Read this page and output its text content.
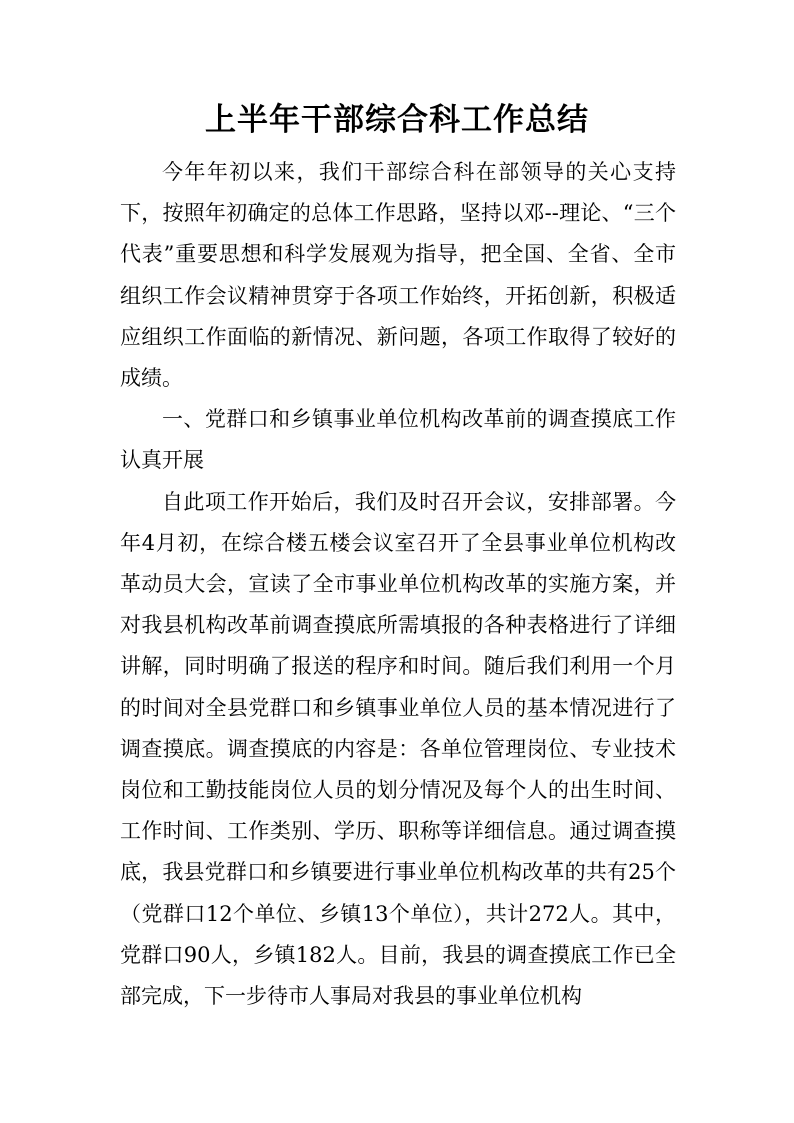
上半年干部综合科工作总结

今年年初以来，我们干部综合科在部领导的关心支持下，按照年初确定的总体工作思路，坚持以邓--理论、“三个代表”重要思想和科学发展观为指导，把全国、全省、全市组织工作会议精神贯穿于各项工作始终，开拓创新，积极适应组织工作面临的新情况、新问题，各项工作取得了较好的成绩。

一、党群口和乡镇事业单位机构改革前的调查摸底工作认真开展

自此项工作开始后，我们及时召开会议，安排部署。今年4月初，在综合楼五楼会议室召开了全县事业单位机构改革动员大会，宣读了全市事业单位机构改革的实施方案，并对我县机构改革前调查摸底所需填报的各种表格进行了详细讲解，同时明确了报送的程序和时间。随后我们利用一个月的时间对全县党群口和乡镇事业单位人员的基本情况进行了调查摸底。调查摸底的内容是：各单位管理岗位、专业技术岗位和工勤技能岗位人员的划分情况及每个人的出生时间、工作时间、工作类别、学历、职称等详细信息。通过调查摸底，我县党群口和乡镇要进行事业单位机构改革的共有25个（党群口12个单位、乡镇13个单位），共计272人。其中，党群口90人，乡镇182人。目前，我县的调查摸底工作已全部完成，下一步待市人事局对我县的事业单位机构
